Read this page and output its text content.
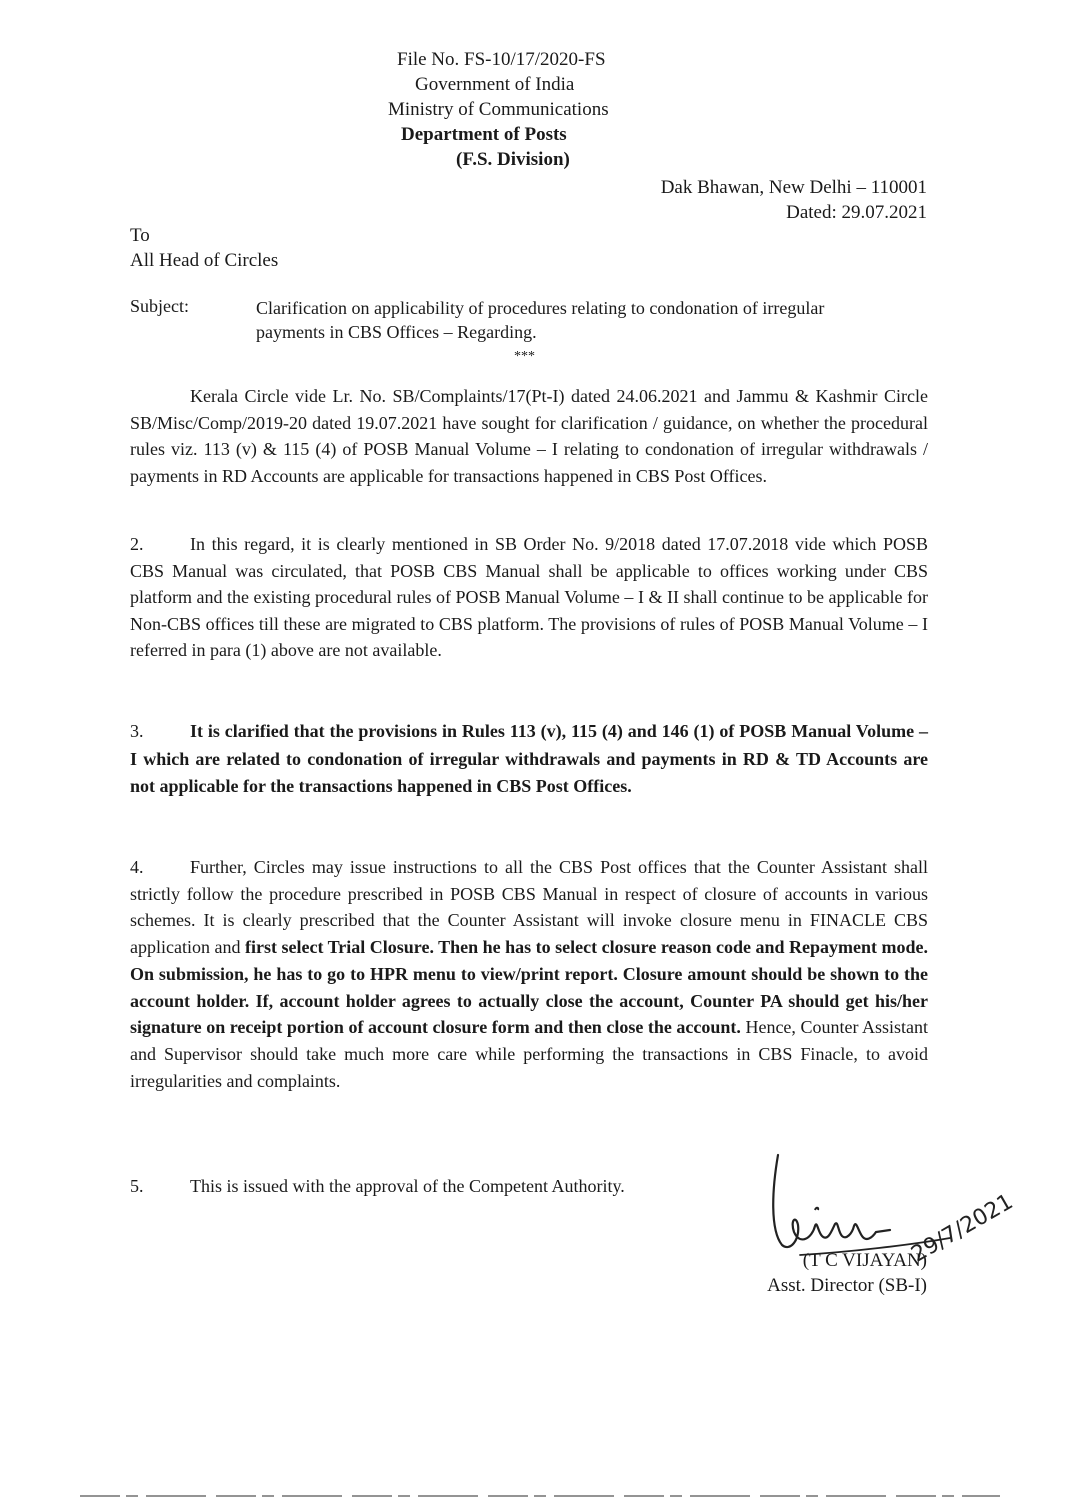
File No. FS-10/17/2020-FS
Government of India
Ministry of Communications
Department of Posts
(F.S. Division)
Dak Bhawan, New Delhi – 110001
Dated: 29.07.2021
To
All Head of Circles
Subject:	Clarification on applicability of procedures relating to condonation of irregular payments in CBS Offices – Regarding.
***
Kerala Circle vide Lr. No. SB/Complaints/17(Pt-I) dated 24.06.2021 and Jammu & Kashmir Circle SB/Misc/Comp/2019-20 dated 19.07.2021 have sought for clarification / guidance, on whether the procedural rules viz. 113 (v) & 115 (4) of POSB Manual Volume – I relating to condonation of irregular withdrawals / payments in RD Accounts are applicable for transactions happened in CBS Post Offices.
2.	In this regard, it is clearly mentioned in SB Order No. 9/2018 dated 17.07.2018 vide which POSB CBS Manual was circulated, that POSB CBS Manual shall be applicable to offices working under CBS platform and the existing procedural rules of POSB Manual Volume – I & II shall continue to be applicable for Non-CBS offices till these are migrated to CBS platform. The provisions of rules of POSB Manual Volume – I referred in para (1) above are not available.
3.	It is clarified that the provisions in Rules 113 (v), 115 (4) and 146 (1) of POSB Manual Volume – I which are related to condonation of irregular withdrawals and payments in RD & TD Accounts are not applicable for the transactions happened in CBS Post Offices.
4.	Further, Circles may issue instructions to all the CBS Post offices that the Counter Assistant shall strictly follow the procedure prescribed in POSB CBS Manual in respect of closure of accounts in various schemes. It is clearly prescribed that the Counter Assistant will invoke closure menu in FINACLE CBS application and first select Trial Closure. Then he has to select closure reason code and Repayment mode. On submission, he has to go to HPR menu to view/print report. Closure amount should be shown to the account holder. If, account holder agrees to actually close the account, Counter PA should get his/her signature on receipt portion of account closure form and then close the account. Hence, Counter Assistant and Supervisor should take much more care while performing the transactions in CBS Finacle, to avoid irregularities and complaints.
5.	This is issued with the approval of the Competent Authority.
29/7/2021
(T C VIJAYAN)
Asst. Director (SB-I)
